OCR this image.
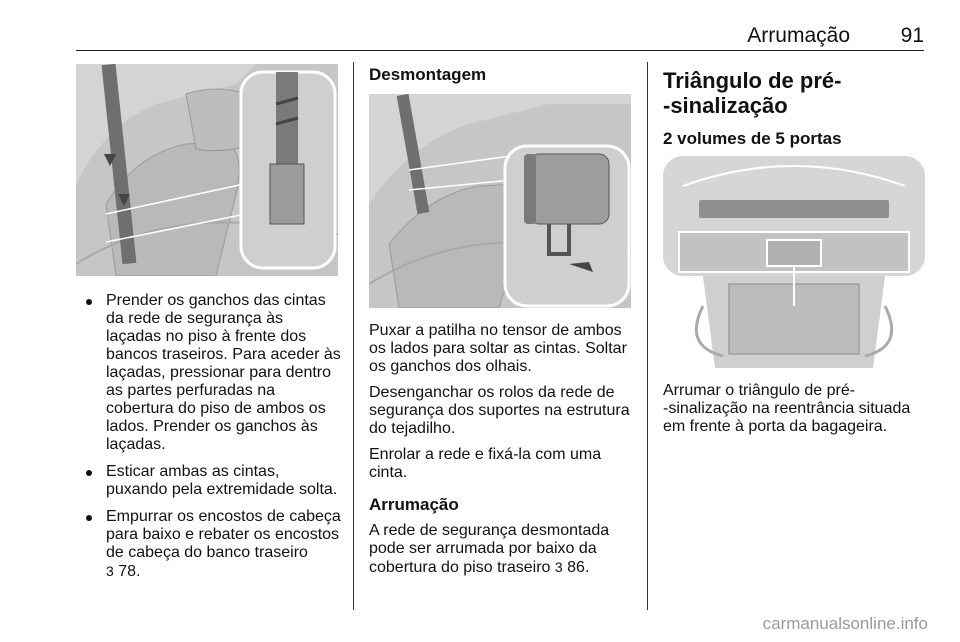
Arrumação 91
Prender os ganchos das cintas da rede de segurança às laçadas no piso à frente dos bancos traseiros. Para aceder às laçadas, pressionar para dentro as partes perfuradas na cobertura do piso de ambos os lados. Prender os ganchos às laçadas.
Esticar ambas as cintas, puxando pela extremidade solta.
Empurrar os encostos de cabeça para baixo e rebater os encostos de cabeça do banco traseiro
3 78.
Desmontagem

Puxar a patilha no tensor de ambos os lados para soltar as cintas. Soltar os ganchos dos olhais.

Desenganchar os rolos da rede de segurança dos suportes na estrutura do tejadilho.

Enrolar a rede e fixá-la com uma cinta.

Arrumação

A rede de segurança desmontada pode ser arrumada por baixo da cobertura do piso traseiro 3 86.

Triângulo de pré-
-sinalização
2 volumes de 5 portas

Arrumar o triângulo de pré-
-sinalização na reentrância situada
em frente à porta da bagageira.

carmanualsonline.info
